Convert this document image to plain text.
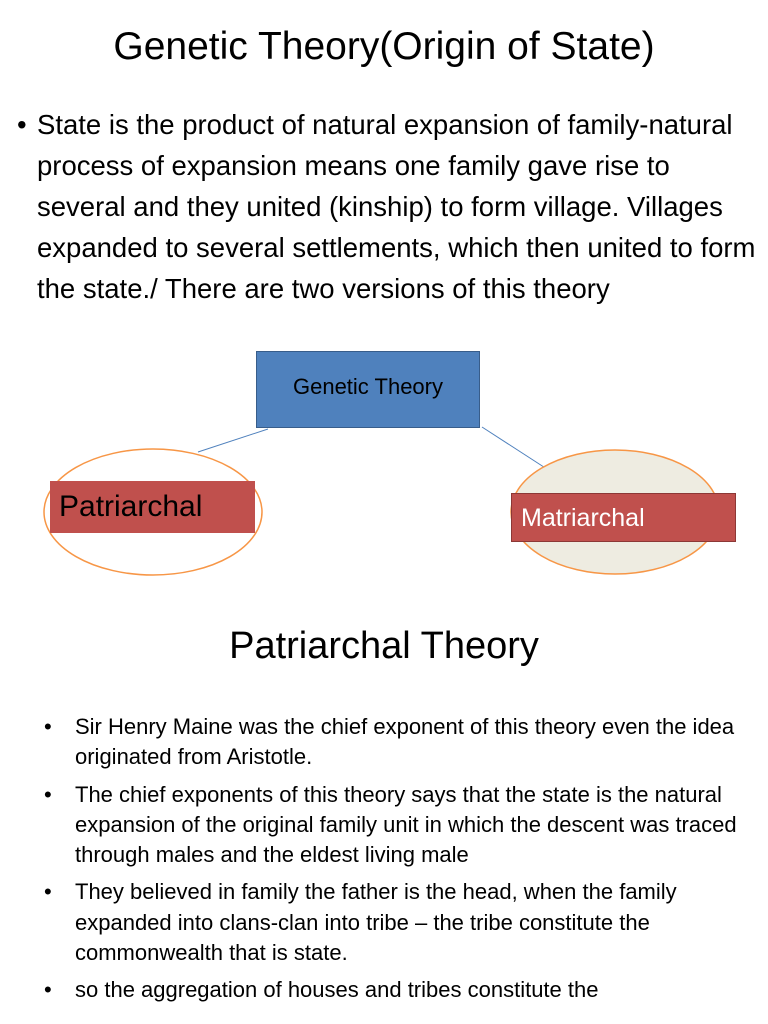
Genetic Theory(Origin of State)
• State is the product of natural expansion of family-natural process of expansion means one family gave rise to several and they united (kinship) to form village. Villages expanded to several settlements, which then united to form the state./ There are two versions of this theory
Genetic Theory
Patriarchal	Matriarchal
Patriarchal Theory
• Sir Henry Maine was the chief exponent of this theory even the idea originated from Aristotle.
• The chief exponents of this theory says that the state is the natural expansion of the original family unit in which the descent was traced through males and the eldest living male
• They believed in family the father is the head, when the family expanded into clans-clan into tribe – the tribe constitute the commonwealth that is state.
• so the aggregation of houses and tribes constitute the
